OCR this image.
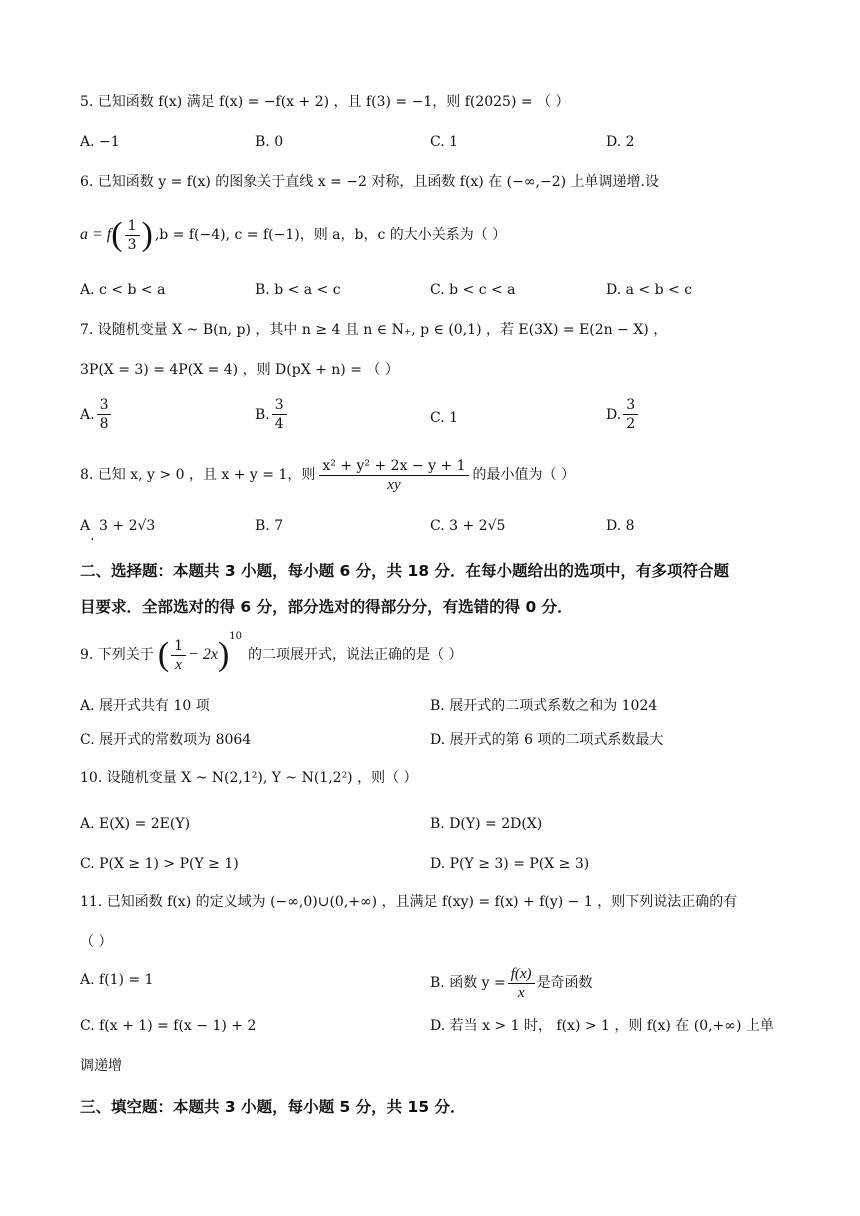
5. 已知函数 f(x) 满足 f(x) = −f(x + 2) ，且 f(3) = −1，则 f(2025) = （ ）
A. −1	B. 0	C. 1	D. 2
6. 已知函数 y = f(x) 的图象关于直线 x = −2 对称，且函数 f(x) 在 (−∞,−2) 上单调递增.设
a = f ( $\frac{1}{3}$ ) , b = f(−4), c = f(−1)，则 a，b，c 的大小关系为（ ）
A. c < b < a	B. b < a < c	C. b < c < a	D. a < b < c
7. 设随机变量 X ~ B(n, p) ，其中 n ≥ 4 且 n ∈ N₊, p ∈ (0,1) ，若 E(3X) = E(2n − X) ，
3P(X = 3) = 4P(X = 4) ，则 D(pX + n) = （ ）
A. $\frac{3}{8}$	B. $\frac{3}{4}$	C. 1	D. $\frac{3}{2}$
8. 已知 x, y > 0 ，且 x + y = 1，则 $\frac{\text{x² + y² + 2x − y + 1}}{xy}$ 的最小值为（ ）
A. 3 + 2√3	B. 7	C. 3 + 2√5	D. 8
二、选择题：本题共 3 小题，每小题 6 分，共 18 分．在每小题给出的选项中，有多项符合题
目要求．全部选对的得 6 分，部分选对的得部分分，有选错的得 0 分．
9. 下列关于 ( $\frac{1}{x} - 2x$ ) 10
的二项展开式，说法正确的是（ ）
A. 展开式共有 10 项	B. 展开式的二项式系数之和为 1024
C. 展开式的常数项为 8064	D. 展开式的第 6 项的二项式系数最大
10. 设随机变量 X ~ N(2,1²), Y ~ N(1,2²) ，则（ ）
A. E(X) = 2E(Y)	B. D(Y) = 2D(X)
C. P(X ≥ 1) > P(Y ≥ 1)	D. P(Y ≥ 3) = P(X ≥ 3)
11. 已知函数 f(x) 的定义域为 (−∞,0)∪(0,+∞) ，且满足 f(xy) = f(x) + f(y) − 1 ，则下列说法正确的有
（ ）
A. f(1) = 1	B. 函数 $y = \frac{f(x)}{x}$ 是奇函数
C. f(x + 1) = f(x − 1) + 2	D. 若当 x > 1 时， f(x) > 1 ，则 f(x) 在 (0,+∞) 上单
调递增
三、填空题：本题共 3 小题，每小题 5 分，共 15 分．
